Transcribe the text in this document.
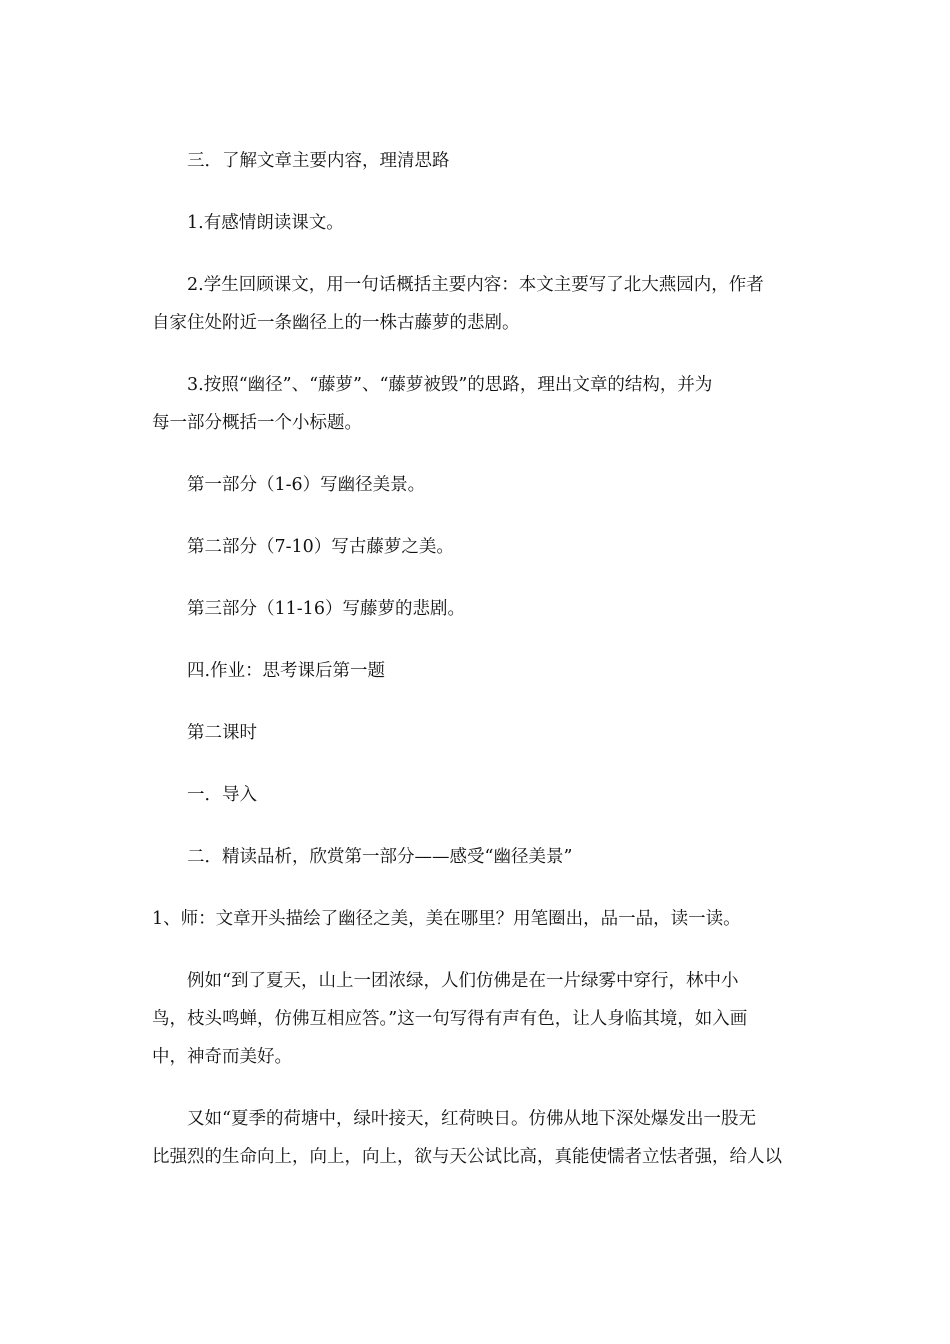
三．了解文章主要内容，理清思路
1.有感情朗读课文。
2.学生回顾课文，用一句话概括主要内容：本文主要写了北大燕园内，作者
自家住处附近一条幽径上的一株古藤萝的悲剧。
3.按照“幽径”、“藤萝”、“藤萝被毁”的思路，理出文章的结构，并为
每一部分概括一个小标题。
第一部分（1-6）写幽径美景。
第二部分（7-10）写古藤萝之美。
第三部分（11-16）写藤萝的悲剧。
四.作业：思考课后第一题
第二课时
一．导入
二．精读品析，欣赏第一部分——感受“幽径美景”
1、师：文章开头描绘了幽径之美，美在哪里？用笔圈出，品一品，读一读。
例如“到了夏天，山上一团浓绿，人们仿佛是在一片绿雾中穿行，林中小
鸟，枝头鸣蝉，仿佛互相应答。”这一句写得有声有色，让人身临其境，如入画
中，神奇而美好。
又如“夏季的荷塘中，绿叶接天，红荷映日。仿佛从地下深处爆发出一股无
比强烈的生命向上，向上，向上，欲与天公试比高，真能使懦者立怯者强，给人以
